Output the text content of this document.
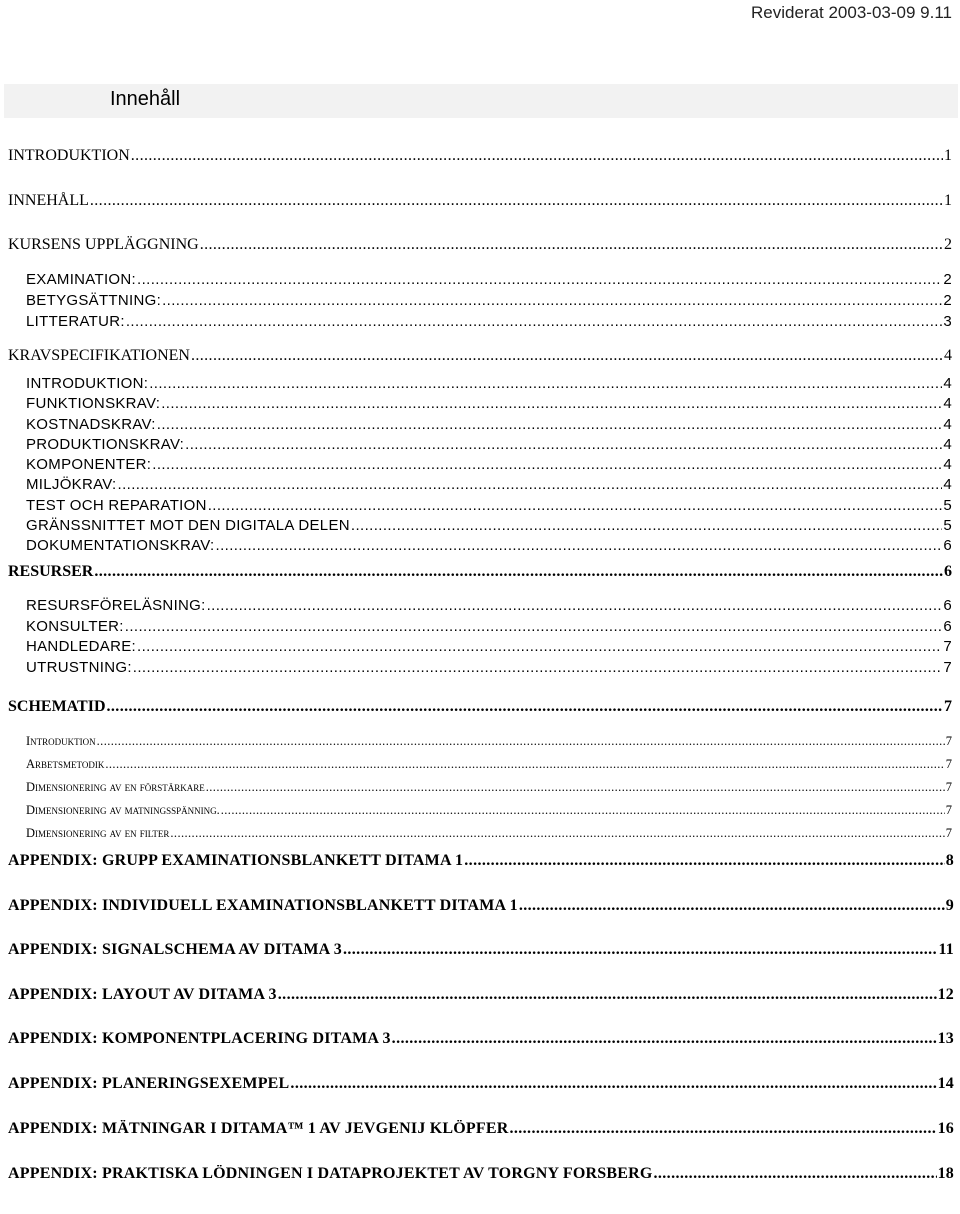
Reviderat 2003-03-09 9.11
Innehåll
INTRODUKTION .....	1
INNEHÅLL .....	1
KURSENS UPPLÄGGNING .....	2
EXAMINATION: .....	2
BETYGSÄTTNING: .....	2
LITTERATUR: .....	3
KRAVSPECIFIKATIONEN .....	4
INTRODUKTION: .....	4
FUNKTIONSKRAV: .....	4
KOSTNADSKRAV: .....	4
PRODUKTIONSKRAV: .....	4
KOMPONENTER: .....	4
MILJÖKRAV: .....	4
TEST OCH REPARATION .....	5
GRÄNSSNITTET MOT DEN DIGITALA DELEN .....	5
DOKUMENTATIONSKRAV: .....	6
RESURSER .....	6
RESURSFÖRELÄSNING: .....	6
KONSULTER: .....	6
HANDLEDARE: .....	7
UTRUSTNING: .....	7
SCHEMATID .....	7
Introduktion .....	7
Arbetsmetodik .....	7
Dimensionering av en förstärkare .....	7
Dimensionering av matningsspänning. .....	7
Dimensionering av en filter .....	7
APPENDIX: GRUPP EXAMINATIONSBLANKETT DITAMA 1 .....	8
APPENDIX: INDIVIDUELL EXAMINATIONSBLANKETT DITAMA 1 .....	9
APPENDIX: SIGNALSCHEMA AV DITAMA 3 .....	11
APPENDIX: LAYOUT AV DITAMA 3 .....	12
APPENDIX: KOMPONENTPLACERING DITAMA 3 .....	13
APPENDIX: PLANERINGSEXEMPEL .....	14
APPENDIX: MÄTNINGAR I DITAMA™ 1 AV JEVGENIJ KLÖPFER .....	16
APPENDIX: PRAKTISKA LÖDNINGEN I DATAPROJEKTET AV TORGNY FORSBERG .....	18
